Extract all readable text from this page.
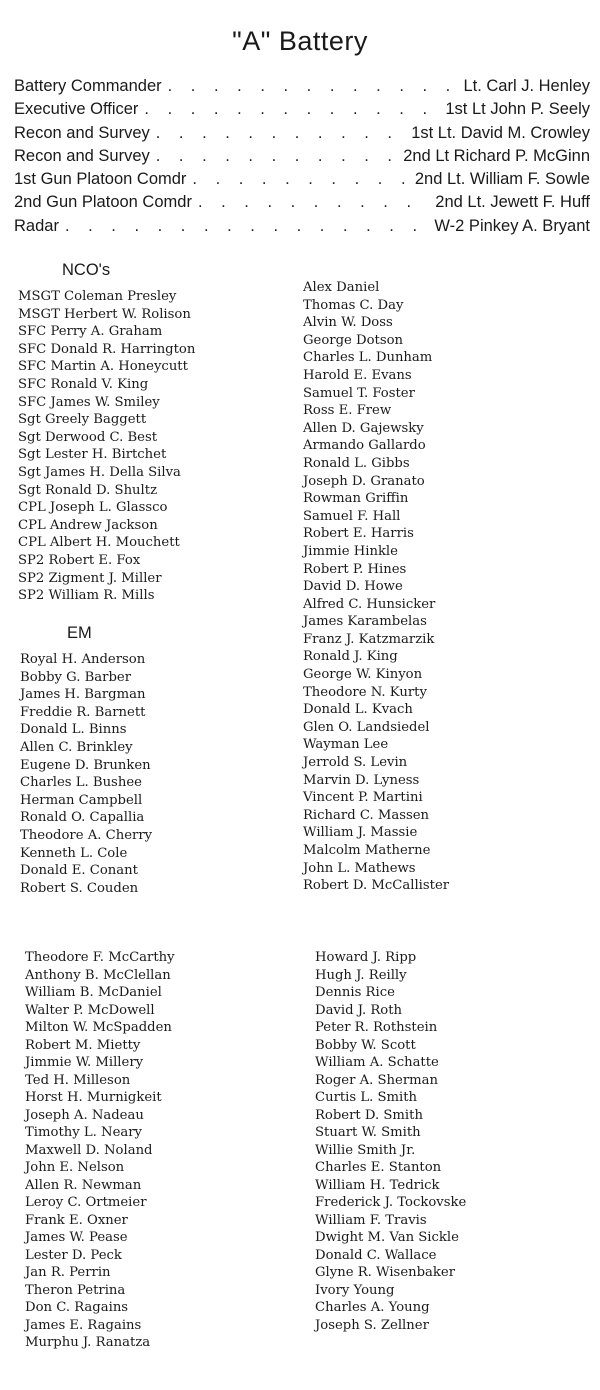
"A" Battery
Battery Commander . . .	Lt. Carl J. Henley
Executive Officer . . .	1st Lt John P. Seely
Recon and Survey . . .	1st Lt. David M. Crowley
Recon and Survey . . .	2nd Lt Richard P. McGinn
1st Gun Platoon Comdr . . .	2nd Lt. William F. Sowle
2nd Gun Platoon Comdr . . .	2nd Lt. Jewett F. Huff
Radar . . .	W-2 Pinkey A. Bryant
NCO's
MSGT Coleman Presley
MSGT Herbert W. Rolison
SFC Perry A. Graham
SFC Donald R. Harrington
SFC Martin A. Honeycutt
SFC Ronald V. King
SFC James W. Smiley
Sgt Greely Baggett
Sgt Derwood C. Best
Sgt Lester H. Birtchet
Sgt James H. Della Silva
Sgt Ronald D. Shultz
CPL Joseph L. Glassco
CPL Andrew Jackson
CPL Albert H. Mouchett
SP2 Robert E. Fox
SP2 Zigment J. Miller
SP2 William R. Mills
EM
Royal H. Anderson
Bobby G. Barber
James H. Bargman
Freddie R. Barnett
Donald L. Binns
Allen C. Brinkley
Eugene D. Brunken
Charles L. Bushee
Herman Campbell
Ronald O. Capallia
Theodore A. Cherry
Kenneth L. Cole
Donald E. Conant
Robert S. Couden
Alex Daniel
Thomas C. Day
Alvin W. Doss
George Dotson
Charles L. Dunham
Harold E. Evans
Samuel T. Foster
Ross E. Frew
Allen D. Gajewsky
Armando Gallardo
Ronald L. Gibbs
Joseph D. Granato
Rowman Griffin
Samuel F. Hall
Robert E. Harris
Jimmie Hinkle
Robert P. Hines
David D. Howe
Alfred C. Hunsicker
James Karambelas
Franz J. Katzmarzik
Ronald J. King
George W. Kinyon
Theodore N. Kurty
Donald L. Kvach
Glen O. Landsiedel
Wayman Lee
Jerrold S. Levin
Marvin D. Lyness
Vincent P. Martini
Richard C. Massen
William J. Massie
Malcolm Matherne
John L. Mathews
Robert D. McCallister
Theodore F. McCarthy
Anthony B. McClellan
William B. McDaniel
Walter P. McDowell
Milton W. McSpadden
Robert M. Mietty
Jimmie W. Millery
Ted H. Milleson
Horst H. Murnigkeit
Joseph A. Nadeau
Timothy L. Neary
Maxwell D. Noland
John E. Nelson
Allen R. Newman
Leroy C. Ortmeier
Frank E. Oxner
James W. Pease
Lester D. Peck
Jan R. Perrin
Theron Petrina
Don C. Ragains
James E. Ragains
Murphu J. Ranatza
Howard J. Ripp
Hugh J. Reilly
Dennis Rice
David J. Roth
Peter R. Rothstein
Bobby W. Scott
William A. Schatte
Roger A. Sherman
Curtis L. Smith
Robert D. Smith
Stuart W. Smith
Willie Smith Jr.
Charles E. Stanton
William H. Tedrick
Frederick J. Tockovske
William F. Travis
Dwight M. Van Sickle
Donald C. Wallace
Glyne R. Wisenbaker
Ivory Young
Charles A. Young
Joseph S. Zellner
